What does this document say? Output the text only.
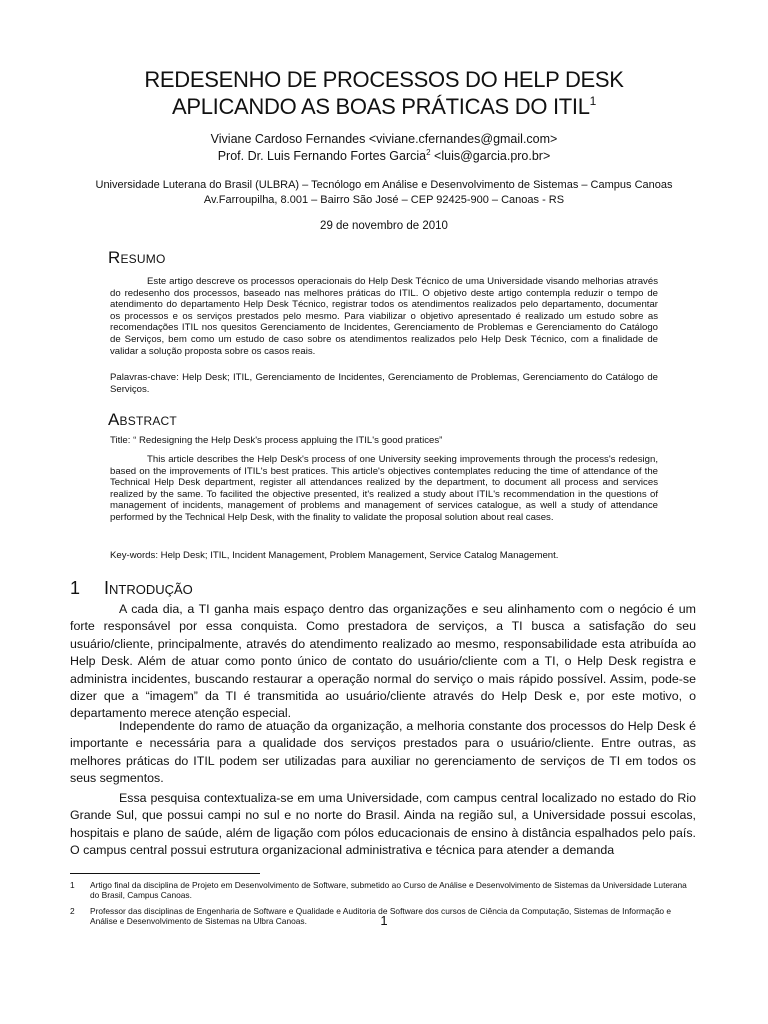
REDESENHO DE PROCESSOS DO HELP DESK
APLICANDO AS BOAS PRÁTICAS DO ITIL$^1$
Viviane Cardoso Fernandes <viviane.cfernandes@gmail.com>
Prof. Dr. Luis Fernando Fortes Garcia$^2$ <luis@garcia.pro.br>
Universidade Luterana do Brasil (ULBRA) – Tecnólogo em Análise e Desenvolvimento de Sistemas – Campus Canoas
Av.Farroupilha, 8.001 – Bairro São José – CEP 92425-900 – Canoas - RS
29 de novembro de 2010
Resumo

Este artigo descreve os processos operacionais do Help Desk Técnico de uma Universidade visando melhorias através do redesenho dos processos, baseado nas melhores práticas do ITIL. O objetivo deste artigo contempla reduzir o tempo de atendimento do departamento Help Desk Técnico, registrar todos os atendimentos realizados pelo departamento, documentar os processos e os serviços prestados pelo mesmo. Para viabilizar o objetivo apresentado é realizado um estudo sobre as recomendações ITIL nos quesitos Gerenciamento de Incidentes, Gerenciamento de Problemas e Gerenciamento do Catálogo de Serviços, bem como um estudo de caso sobre os atendimentos realizados pelo Help Desk Técnico, com a finalidade de validar a solução proposta sobre os casos reais.

Palavras-chave: Help Desk; ITIL, Gerenciamento de Incidentes, Gerenciamento de Problemas, Gerenciamento do Catálogo de Serviços.

Abstract

Title: “ Redesigning the Help Desk's process appluing the ITIL's good pratices”

This article describes the Help Desk's process of one University seeking improvements through the process's redesign, based on the improvements of ITIL's best pratices. This article's objectives contemplates reducing the time of attendance of the Technical Help Desk department, register all attendances realized by the department, to document all process and services realized by the same. To facilited the objective presented, it's realized a study about ITIL's recommendation in the questions of management of incidents, management of problems and management of services catalogue, as well a study of attendance performed by the Technical Help Desk, with the finality to validate the proposal solution about real cases.

Key-words: Help Desk; ITIL, Incident Management, Problem Management, Service Catalog Management.

1 Introdução

A cada dia, a TI ganha mais espaço dentro das organizações e seu alinhamento com o negócio é um forte responsável por essa conquista. Como prestadora de serviços, a TI busca a satisfação do seu usuário/cliente, principalmente, através do atendimento realizado ao mesmo, responsabilidade esta atribuída ao Help Desk. Além de atuar como ponto único de contato do usuário/cliente com a TI, o Help Desk registra e administra incidentes, buscando restaurar a operação normal do serviço o mais rápido possível. Assim, pode-se dizer que a “imagem” da TI é transmitida ao usuário/cliente através do Help Desk e, por este motivo, o departamento merece atenção especial.

Independente do ramo de atuação da organização, a melhoria constante dos processos do Help Desk é importante e necessária para a qualidade dos serviços prestados para o usuário/cliente. Entre outras, as melhores práticas do ITIL podem ser utilizadas para auxiliar no gerenciamento de serviços de TI em todos os seus segmentos.

Essa pesquisa contextualiza-se em uma Universidade, com campus central localizado no estado do Rio Grande Sul, que possui campi no sul e no norte do Brasil. Ainda na região sul, a Universidade possui escolas, hospitais e plano de saúde, além de ligação com pólos educacionais de ensino à distância espalhados pelo país. O campus central possui estrutura organizacional administrativa e técnica para atender a demanda

1	Artigo final da disciplina de Projeto em Desenvolvimento de Software, submetido ao Curso de Análise e Desenvolvimento de Sistemas da Universidade Luterana do Brasil, Campus Canoas.
2	Professor das disciplinas de Engenharia de Software e Qualidade e Auditoria de Software dos cursos de Ciência da Computação, Sistemas de Informação e Análise e Desenvolvimento de Sistemas na Ulbra Canoas.	1
